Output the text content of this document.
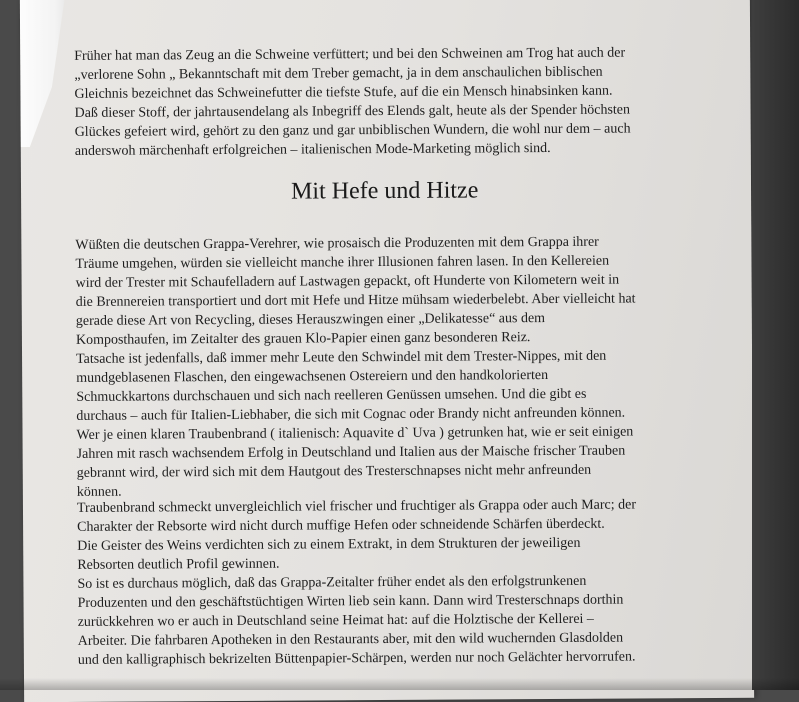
Früher hat man das Zeug an die Schweine verfüttert; und bei den Schweinen am Trog hat auch der
„verlorene Sohn „ Bekanntschaft mit dem Treber gemacht, ja in dem anschaulichen biblischen
Gleichnis bezeichnet das Schweinefutter die tiefste Stufe, auf die ein Mensch hinabsinken kann.
Daß dieser Stoff, der jahrtausendelang als Inbegriff des Elends galt, heute als der Spender höchsten
Glückes gefeiert wird, gehört zu den ganz und gar unbiblischen Wundern, die wohl nur dem – auch
anderswoh märchenhaft erfolgreichen – italienischen Mode-Marketing möglich sind.
Mit Hefe und Hitze
Wüßten die deutschen Grappa-Verehrer, wie prosaisch die Produzenten mit dem Grappa ihrer
Träume umgehen, würden sie vielleicht manche ihrer Illusionen fahren lasen. In den Kellereien
wird der Trester mit Schaufelladern auf Lastwagen gepackt, oft Hunderte von Kilometern weit in
die Brennereien transportiert und dort mit Hefe und Hitze mühsam wiederbelebt. Aber vielleicht hat
gerade diese Art von Recycling, dieses Herauszwingen einer „Delikatesse“ aus dem
Komposthaufen, im Zeitalter des grauen Klo-Papier einen ganz besonderen Reiz.
Tatsache ist jedenfalls, daß immer mehr Leute den Schwindel mit dem Trester-Nippes, mit den
mundgeblasenen Flaschen, den eingewachsenen Ostereiern und den handkolorierten
Schmuckkartons durchschauen und sich nach reelleren Genüssen umsehen. Und die gibt es
durchaus – auch für Italien-Liebhaber, die sich mit Cognac oder Brandy nicht anfreunden können.
Wer je einen klaren Traubenbrand ( italienisch: Aquavite d` Uva ) getrunken hat, wie er seit einigen
Jahren mit rasch wachsendem Erfolg in Deutschland und Italien aus der Maische frischer Trauben
gebrannt wird, der wird sich mit dem Hautgout des Tresterschnapses nicht mehr anfreunden
können.
Traubenbrand schmeckt unvergleichlich viel frischer und fruchtiger als Grappa oder auch Marc; der
Charakter der Rebsorte wird nicht durch muffige Hefen oder schneidende Schärfen überdeckt.
Die Geister des Weins verdichten sich zu einem Extrakt, in dem Strukturen der jeweiligen
Rebsorten deutlich Profil gewinnen.
So ist es durchaus möglich, daß das Grappa-Zeitalter früher endet als den erfolgstrunkenen
Produzenten und den geschäftstüchtigen Wirten lieb sein kann. Dann wird Tresterschnaps dorthin
zurückkehren wo er auch in Deutschland seine Heimat hat: auf die Holztische der Kellerei –
Arbeiter. Die fahrbaren Apotheken in den Restaurants aber, mit den wild wuchernden Glasdolden
und den kalligraphisch bekrizelten Büttenpapier-Schärpen, werden nur noch Gelächter hervorrufen.
